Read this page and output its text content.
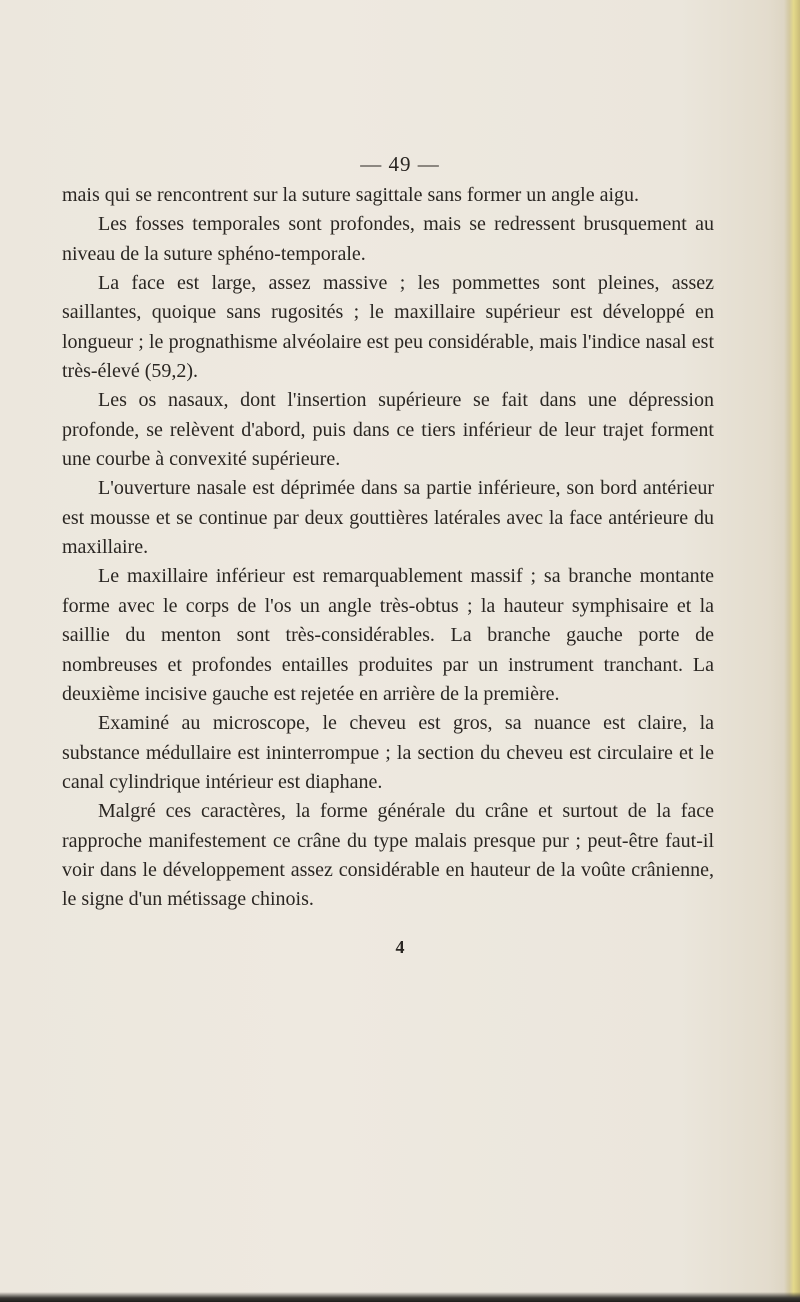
— 49 —

mais qui se rencontrent sur la suture sagittale sans former un angle aigu.

Les fosses temporales sont profondes, mais se redressent brusquement au niveau de la suture sphéno-temporale.

La face est large, assez massive ; les pommettes sont pleines, assez saillantes, quoique sans rugosités ; le maxillaire supérieur est développé en longueur ; le prognathisme alvéolaire est peu considérable, mais l'indice nasal est très-élevé (59,2).

Les os nasaux, dont l'insertion supérieure se fait dans une dépression profonde, se relèvent d'abord, puis dans ce tiers inférieur de leur trajet forment une courbe à convexité supérieure.

L'ouverture nasale est déprimée dans sa partie inférieure, son bord antérieur est mousse et se continue par deux gouttières latérales avec la face antérieure du maxillaire.

Le maxillaire inférieur est remarquablement massif ; sa branche montante forme avec le corps de l'os un angle très-obtus ; la hauteur symphisaire et la saillie du menton sont très-considérables. La branche gauche porte de nombreuses et profondes entailles produites par un instrument tranchant. La deuxième incisive gauche est rejetée en arrière de la première.

Examiné au microscope, le cheveu est gros, sa nuance est claire, la substance médullaire est ininterrompue ; la section du cheveu est circulaire et le canal cylindrique intérieur est diaphane.

Malgré ces caractères, la forme générale du crâne et surtout de la face rapproche manifestement ce crâne du type malais presque pur ; peut-être faut-il voir dans le développement assez considérable en hauteur de la voûte crânienne, le signe d'un métissage chinois.

4
